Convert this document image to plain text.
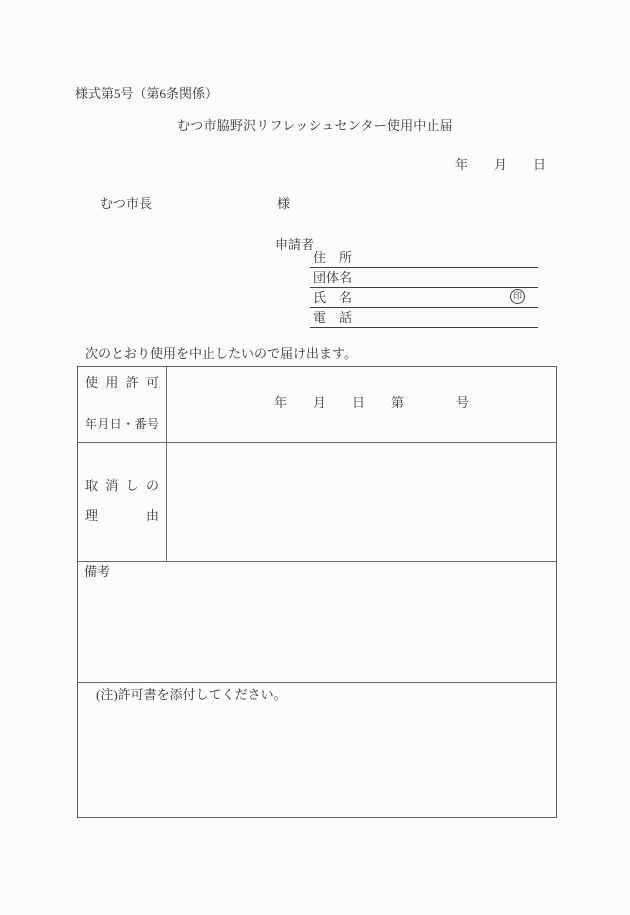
様式第5号（第6条関係）
むつ市脇野沢リフレッシュセンター使用中止届
年　　月　　日
むつ市長	様
申請者
住　所
団体名
氏　名
電　話
印
次のとおり使用を中止したいので届け出ます。
使用許可
年月日・番号
年　　月　　日　　第　　　　号
取消しの
理由
備考
(注)許可書を添付してください。
